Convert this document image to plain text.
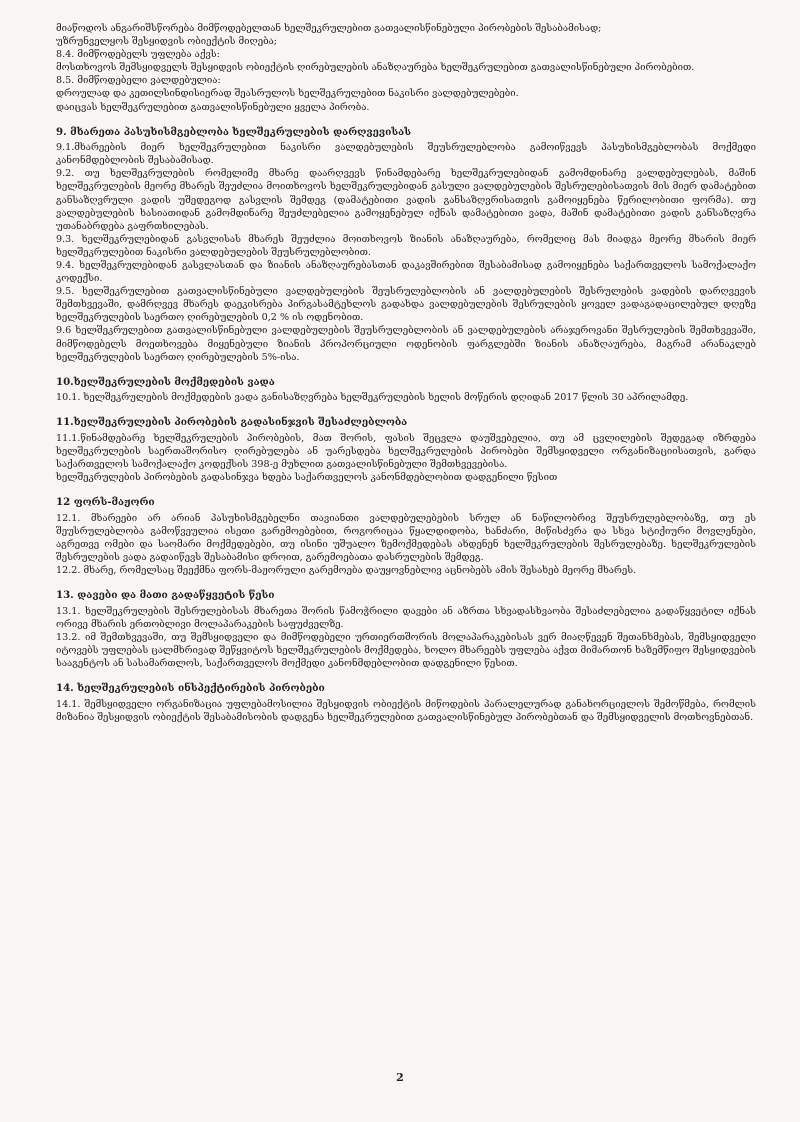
მიაწოდოს ანგარიშსწორება მიმწოდებელთან ხელშეკრულებით გათვალისწინებული პირობების შესაბამისად;

უზრუნველყოს შესყიდვის ობიექტის მიღება;

8.4. მიმწოდებელს უფლება აქვს:

მოსთხოვოს შემსყიდველს შესყიდვის ობიექტის ღირებულების ანაზღაურება ხელშეკრულებით გათვალისწინებული პირობებით.

8.5. მიმწოდებელი ვალდებულია:

დროულად და კეთილსინდისიერად შეასრულოს ხელშეკრულებით ნაკისრი ვალდებულებები.

დაიცვას ხელშეკრულებით გათვალისწინებული ყველა პირობა.

9. მხარეთა პასუხისმგებლობა ხელშეკრულების დარღვევისას

9.1.მხარეების მიერ ხელშეკრულებით ნაკისრი ვალდებულების შეუსრულებლობა გამოიწვევს პასუხისმგებლობას მოქმედი კანონმდებლობის შესაბამისად.

9.2. თუ ხელშეკრულების რომელიმე მხარე დაარღვევს წინამდებარე ხელშეკრულებიდან გამომდინარე ვალდებულებას, მაშინ ხელშეკრულების მეორე მხარეს შეუძლია მოითხოვოს ხელშეკრულებიდან გასული ვალდებულების შესრულებისათვის მის მიერ დამატებით განსაზღვრული ვადის უშედეგოდ გასვლის შემდეგ (დამატებითი ვადის განსაზღვრისათვის გამოიყენება წერილობითი ფორმა). თუ ვალდებულების ხასიათიდან გამომდინარე შეუძლებელია გამოყენებულ იქნას დამატებითი ვადა, მაშინ დამატებითი ვადის განსაზღვრა უთანაბრდება გაფრთხილებას.

9.3. ხელშეკრულებიდან გასვლისას მხარეს შეუძლია მოითხოვოს ზიანის ანაზღაურება, რომელიც მას მიადგა მეორე მხარის მიერ ხელშეკრულებით ნაკისრი ვალდებულების შეუსრულებლობით.

9.4. ხელშეკრულებიდან გასვლასთან და ზიანის ანაზღაურებასთან დაკავშირებით შესაბამისად გამოიყენება საქართველოს სამოქალაქო კოდექსი.

9.5. ხელშეკრულებით გათვალისწინებული ვალდებულების შეუსრულებლობის ან ვალდებულების შესრულების ვადების დარღვევის შემთხვევაში, დამრღვევ მხარეს დაეკისრება პირგასამტეხლოს გადახდა ვალდებულების შესრულების ყოველ ვადაგადაცილებულ დღეზე ხელშეკრულების საერთო ღირებულების 0,2 % ის ოდენობით.

9.6 ხელშეკრულებით გათვალისწინებული ვალდებულების შეუსრულებლობის ან ვალდებულების არაჯეროვანი შესრულების შემთხვევაში, მიმწოდებელს მოეთხოვება მიყენებული ზიანის პროპორციული ოდენობის ფარგლებში ზიანის ანაზღაურება, მაგრამ არანაკლებ ხელშეკრულების საერთო ღირებულების 5%-ისა.

10.ხელშეკრულების მოქმედების ვადა

10.1. ხელშეკრულების მოქმედების ვადა განისაზღვრება ხელშეკრულების ხელის მოწერის დღიდან 2017 წლის 30 აპრილამდე.

11.ხელშეკრულების პირობების გადასინჯვის შესაძლებლობა

11.1.წინამდებარე ხელშეკრულების პირობების, მათ შორის, ფასის შეცვლა დაუშვებელია, თუ ამ ცვლილების შედეგად იზრდება ხელშეკრულების საერთაშორისო ღირებულება ან უარესდება ხელშეკრულების პირობები შემსყიდველი ორგანიზაციისათვის, გარდა საქართველოს სამოქალაქო კოდექსის 398-ე მუხლით გათვალისწინებული შემთხვევებისა.

ხელშეკრულების პირობების გადასინჯვა ხდება საქართველოს კანონმდებლობით დადგენილი წესით

12 ფორს-მაჟორი

12.1. მხარეები არ არიან პასუხისმგებელნი თავიანთი ვალდებულებების სრულ ან ნაწილობრივ შეუსრულებლობაზე, თუ ეს შეუსრულებლობა გამოწვეულია ისეთი გარემოებებით, როგორიცაა წყალდიდობა, ხანძარი, მიწისძვრა და სხვა სტიქიური მოვლენები, აგრეთვე ომები და საომარი მოქმედებები, თუ ისინი უშუალო ზემოქმედებას ახდენენ ხელშეკრულების შესრულებაზე. ხელშეკრულების შესრულების ვადა გადაიწევს შესაბამისი დროით, გარემოებათა დასრულების შემდეგ.

12.2. მხარე, რომელსაც შეექმნა ფორს-მაჟორული გარემოება დაუყოვნებლივ აცნობებს ამის შესახებ მეორე მხარეს.

13. დავები და მათი გადაწყვეტის წესი

13.1. ხელშეკრულების შესრულებისას მხარეთა შორის წამოჭრილი დავები ან აზრთა სხვადასხვაობა შესაძლებელია გადაწყვეტილ იქნას ორივე მხარის ერთობლივი მოლაპარაკების საფუძველზე.

13.2. იმ შემთხვევაში, თუ შემსყიდველი და მიმწოდებელი ურთიერთშორის მოლაპარაკებისას ვერ მიაღწევენ შეთანხმებას, შემსყიდველი იტოვებს უფლებას ცალმხრივად შეწყვიტოს ხელშეკრულების მოქმედება, ხოლო მხარეებს უფლება აქვთ მიმართონ ხაზემწიფო შესყიდვების სააგენტოს ან სასამართლოს, საქართველოს მოქმედი კანონმდებლობით დადგენილი წესით.

14. ხელშეკრულების ინსპექტირების პირობები

14.1. შემსყიდველი ორგანიზაცია უფლებამოსილია შესყიდვის ობიექტის მიწოდების პარალელურად განახორციელოს შემოწმება, რომლის მიზანია შესყიდვის ობიექტის შესაბამისობის დადგენა ხელშეკრულებით გათვალისწინებულ პირობებთან და შემსყიდველის მოთხოვნებთან.

2
